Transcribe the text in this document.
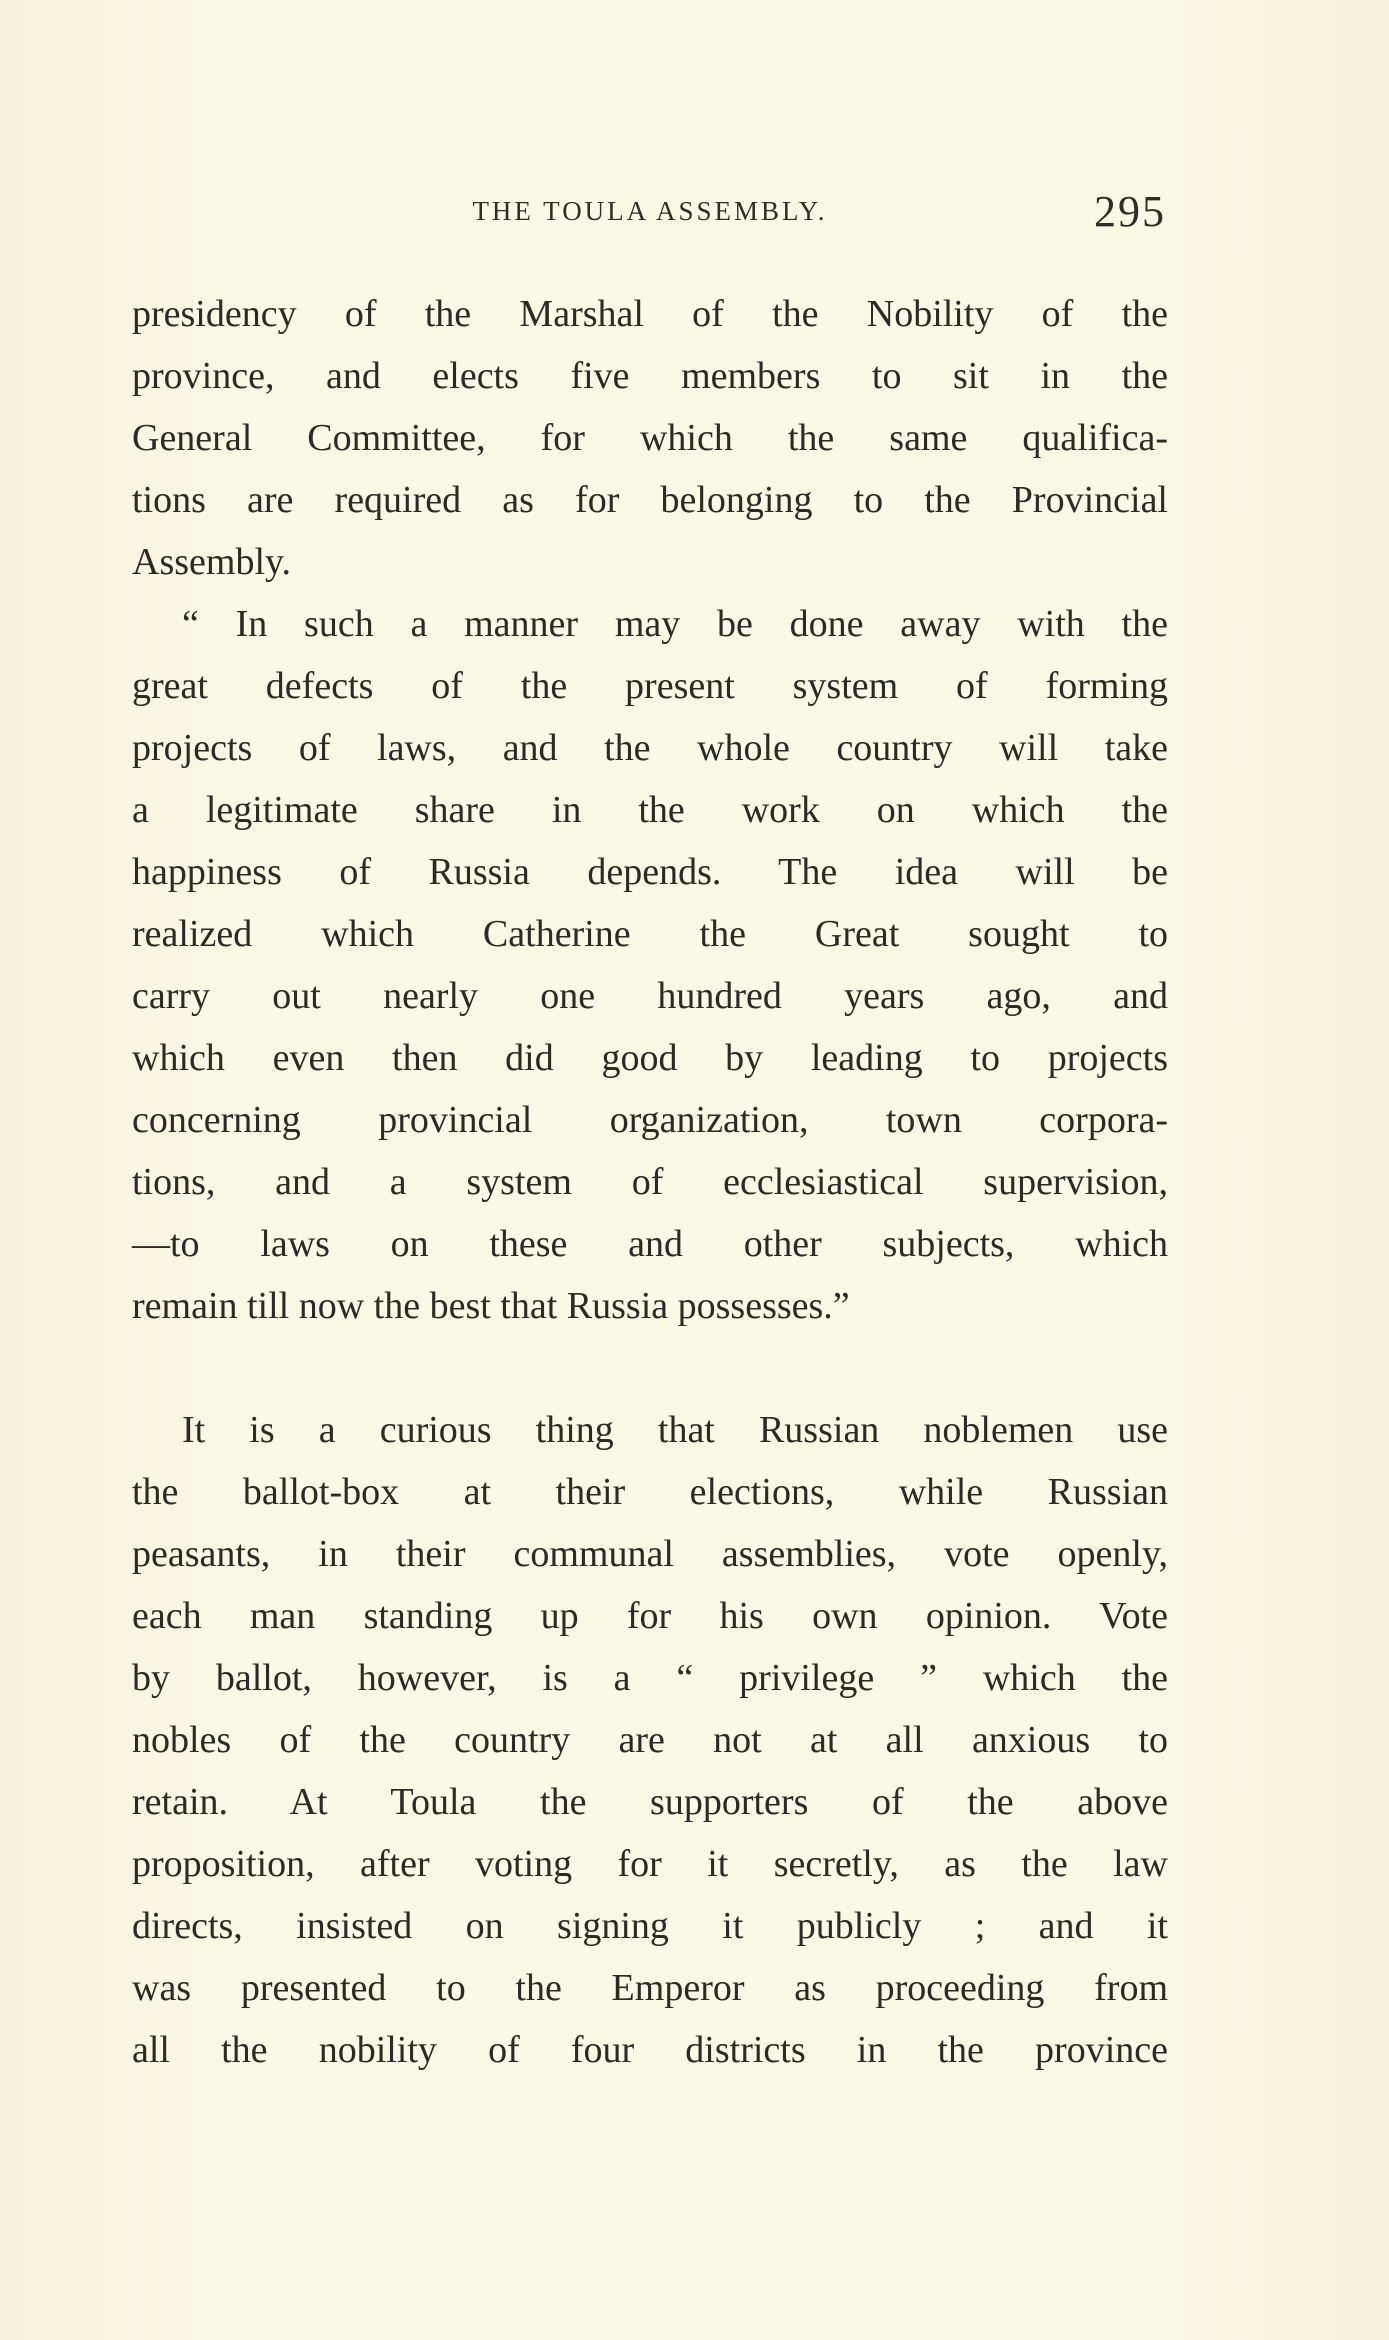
THE TOULA ASSEMBLY.	295
presidency of the Marshal of the Nobility of the
province, and elects five members to sit in the
General Committee, for which the same qualifica-
tions are required as for belonging to the Provincial
Assembly.
“ In such a manner may be done away with the
great defects of the present system of forming
projects of laws, and the whole country will take
a legitimate share in the work on which the
happiness of Russia depends. The idea will be
realized which Catherine the Great sought to
carry out nearly one hundred years ago, and
which even then did good by leading to projects
concerning provincial organization, town corpora-
tions, and a system of ecclesiastical supervision,
—to laws on these and other subjects, which
remain till now the best that Russia possesses.”
It is a curious thing that Russian noblemen use
the ballot-box at their elections, while Russian
peasants, in their communal assemblies, vote openly,
each man standing up for his own opinion. Vote
by ballot, however, is a “ privilege ” which the
nobles of the country are not at all anxious to
retain. At Toula the supporters of the above
proposition, after voting for it secretly, as the law
directs, insisted on signing it publicly ; and it
was presented to the Emperor as proceeding from
all the nobility of four districts in the province
